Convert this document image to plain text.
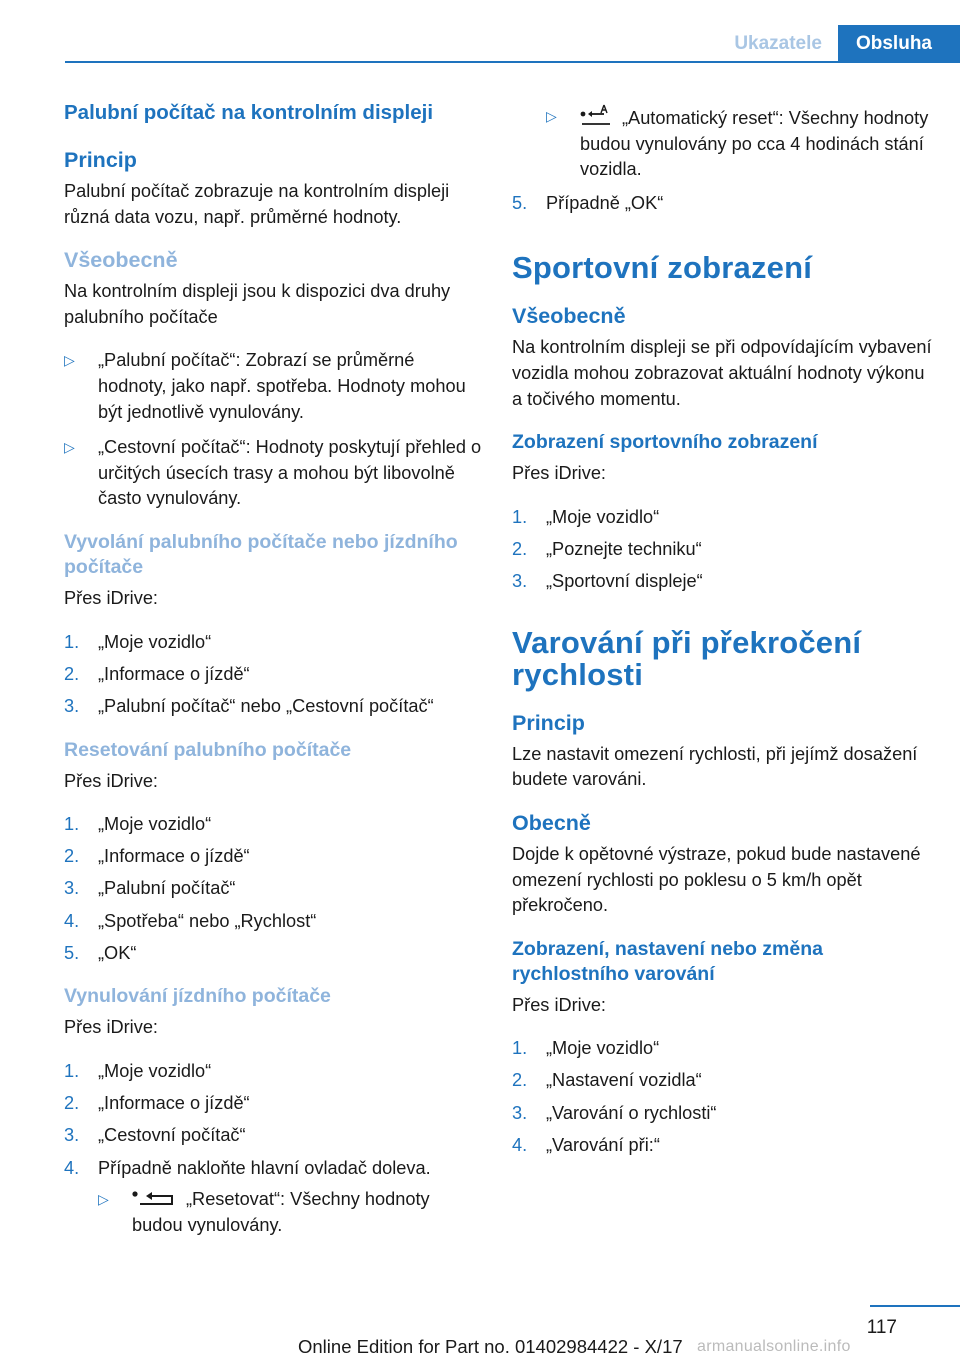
Ukazatele	Obsluha
Palubní počítač na kontrolním displeji
Princip

Palubní počítač zobrazuje na kontrolním displeji různá data vozu, např. průměrné hodnoty.

Všeobecně

Na kontrolním displeji jsou k dispozici dva druhy palubního počítače

▷	„Palubní počítač“: Zobrazí se průměrné hodnoty, jako např. spotřeba. Hodnoty mohou být jednotlivě vynulovány.
▷	„Cestovní počítač“: Hodnoty poskytují přehled o určitých úsecích trasy a mohou být libovolně často vynulovány.
Vyvolání palubního počítače nebo jízdního počítače

Přes iDrive:

1.	„Moje vozidlo“
2.	„Informace o jízdě“
3.	„Palubní počítač“ nebo „Cestovní počítač“
Resetování palubního počítače

Přes iDrive:

1.	„Moje vozidlo“
2.	„Informace o jízdě“
3.	„Palubní počítač“
4.	„Spotřeba“ nebo „Rychlost“
5.	„OK“
Vynulování jízdního počítače

Přes iDrive:

1.	„Moje vozidlo“
2.	„Informace o jízdě“
3.	„Cestovní počítač“
4.	Případně nakloňte hlavní ovladač doleva.
▷	„Resetovat“: Všechny hodnoty budou vynulovány.
▷	„Automatický reset“: Všechny hodnoty budou vynulovány po cca 4 hodinách stání vozidla.
5.	Případně „OK“
Sportovní zobrazení
Všeobecně

Na kontrolním displeji se při odpovídajícím vybavení vozidla mohou zobrazovat aktuální hodnoty výkonu a točivého momentu.

Zobrazení sportovního zobrazení

Přes iDrive:

1.	„Moje vozidlo“
2.	„Poznejte techniku“
3.	„Sportovní displeje“
Varování při překročení rychlosti
Princip

Lze nastavit omezení rychlosti, při jejímž dosažení budete varováni.

Obecně

Dojde k opětovné výstraze, pokud bude nastavené omezení rychlosti po poklesu o 5 km/h opět překročeno.

Zobrazení, nastavení nebo změna rychlostního varování

Přes iDrive:

1.	„Moje vozidlo“
2.	„Nastavení vozidla“
3.	„Varování o rychlosti“
4.	„Varování při:“
117
Online Edition for Part no. 01402984422 - X/17 armanualsonline.info
